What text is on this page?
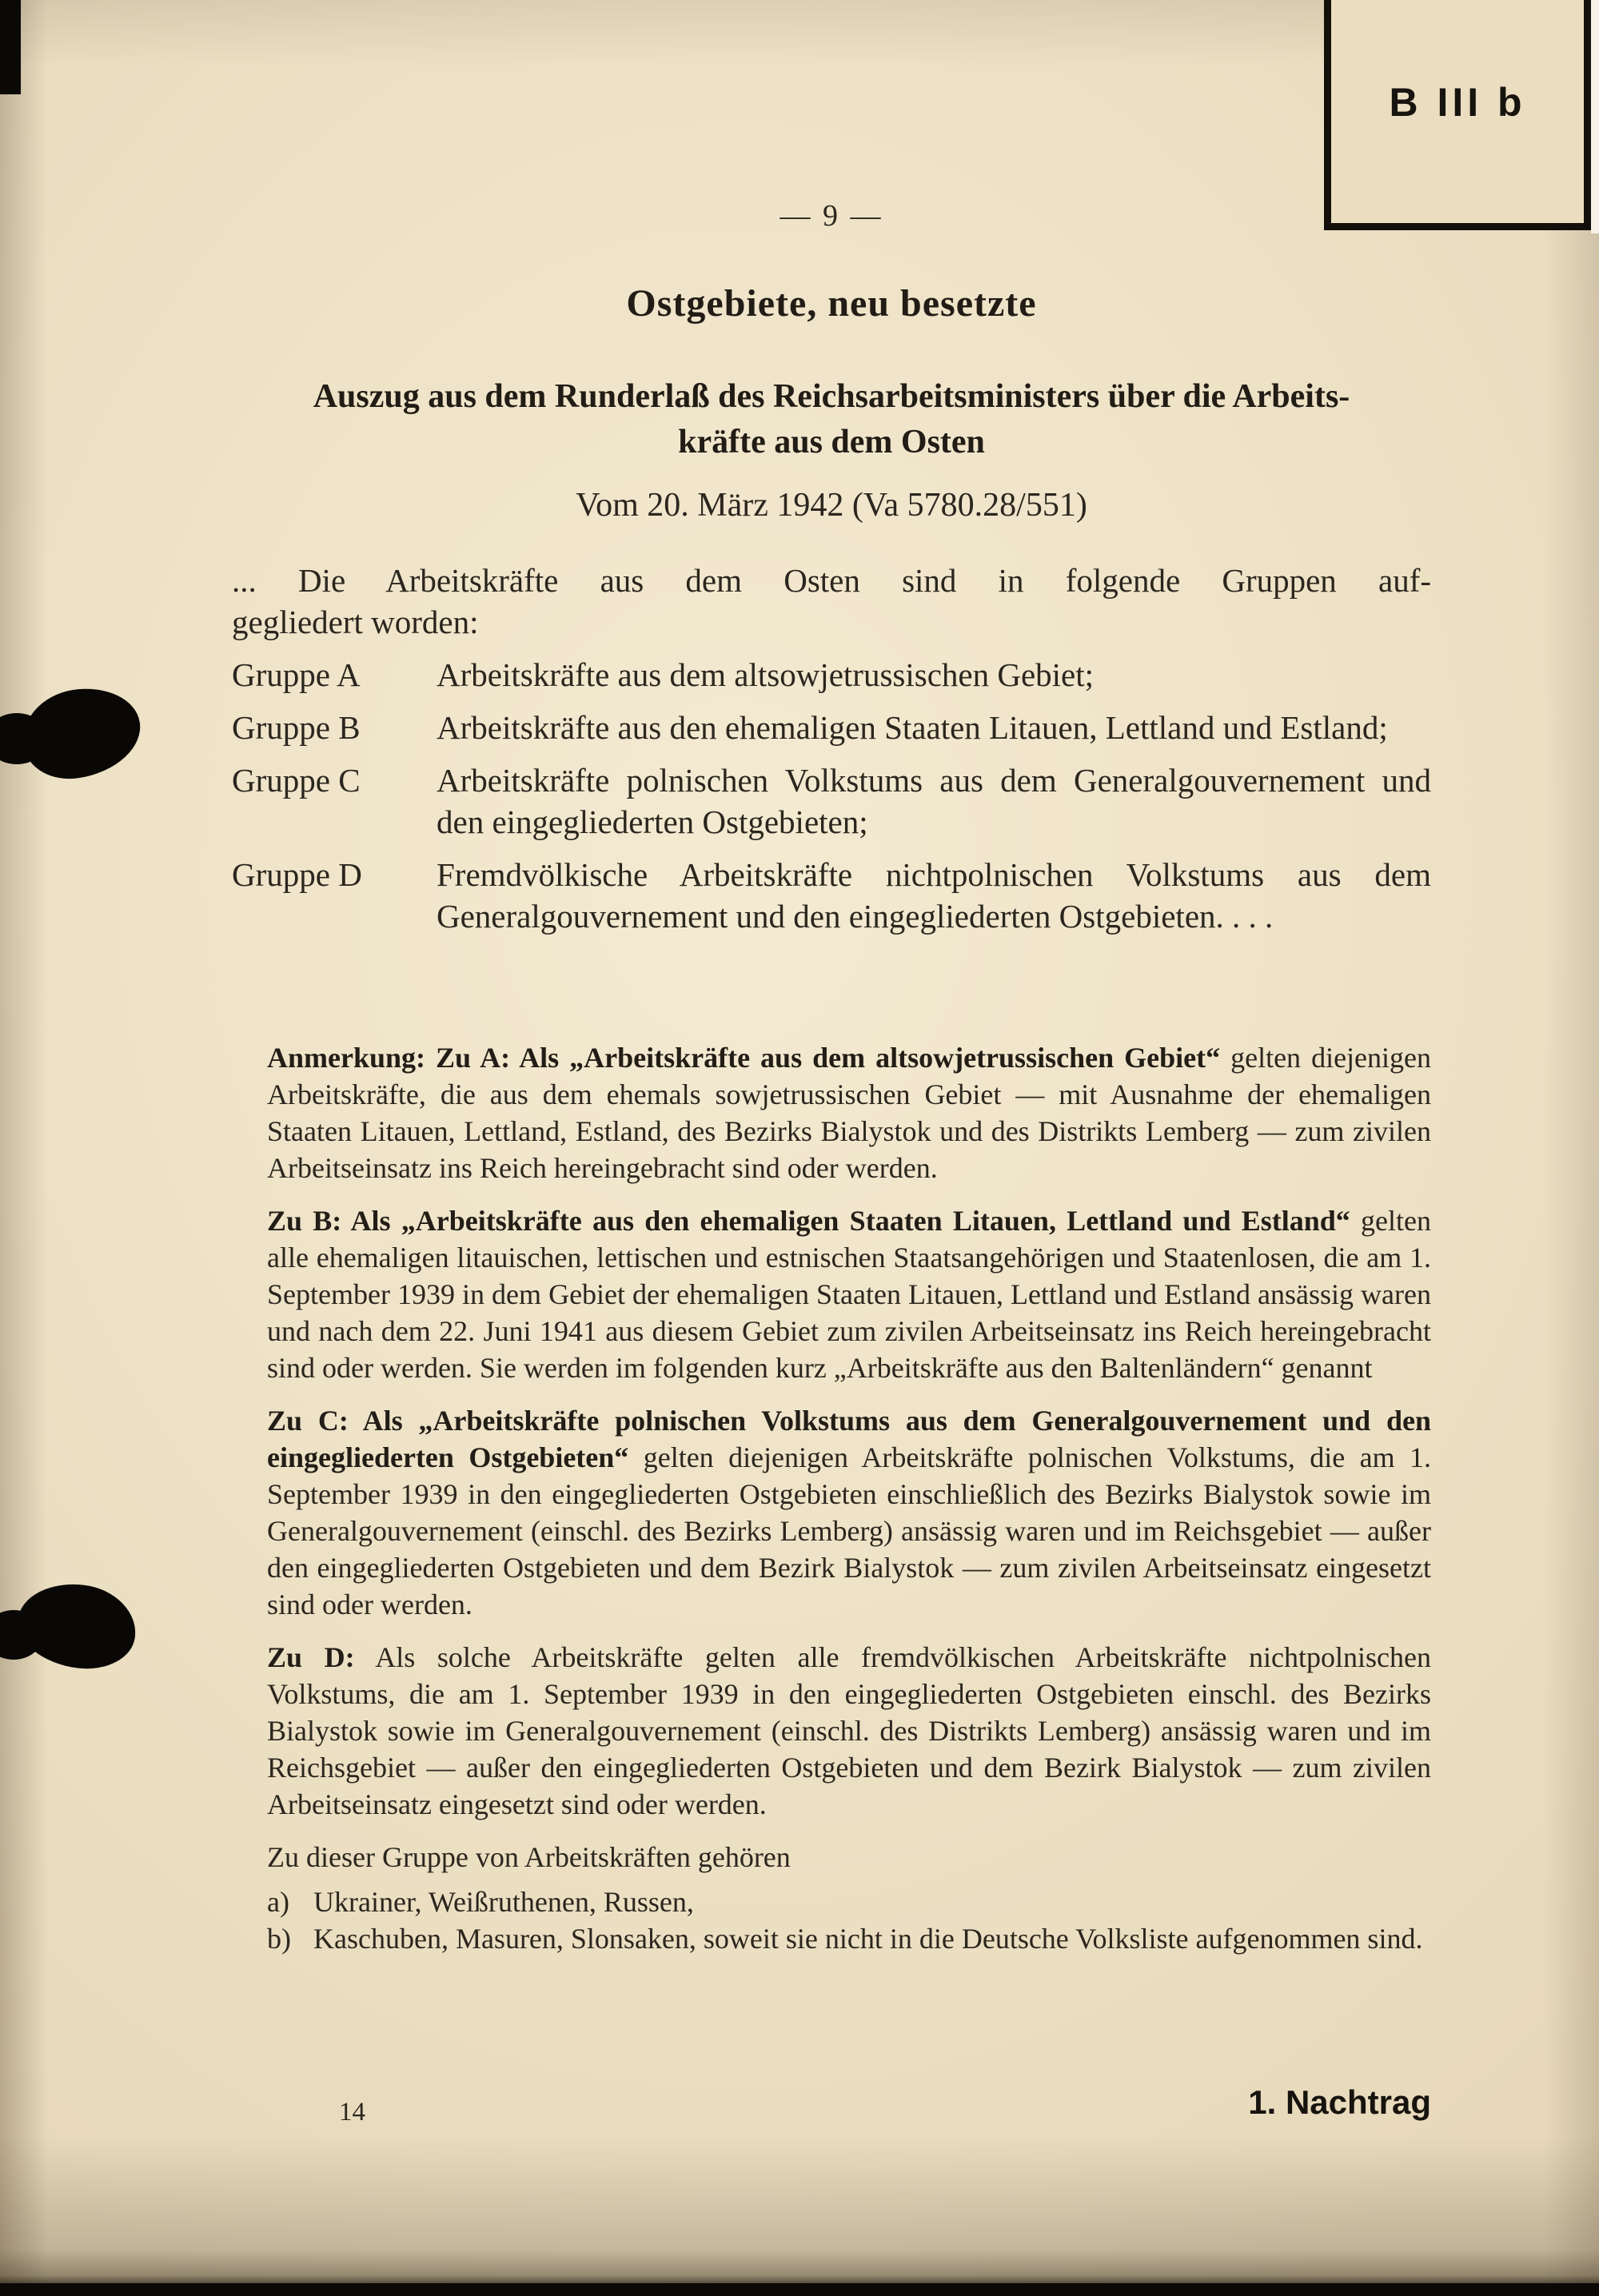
B III b
— 9 —
Ostgebiete, neu besetzte
Auszug aus dem Runderlaß des Reichsarbeitsministers über die Arbeits-
kräfte aus dem Osten
Vom 20. März 1942 (Va 5780.28/551)
... Die Arbeitskräfte aus dem Osten sind in folgende Gruppen auf-
gegliedert worden:
Gruppe A	Arbeitskräfte aus dem altsowjetrussischen Gebiet;
Gruppe B	Arbeitskräfte aus den ehemaligen Staaten Litauen, Lettland und Estland;
Gruppe C	Arbeitskräfte polnischen Volkstums aus dem Generalgouvernement und den eingegliederten Ostgebieten;
Gruppe D	Fremdvölkische Arbeitskräfte nichtpolnischen Volkstums aus dem Generalgouvernement und den eingegliederten Ostgebieten. . . .

Anmerkung: Zu A: Als „Arbeitskräfte aus dem altsowjetrussischen Gebiet“ gelten diejenigen Arbeitskräfte, die aus dem ehemals sowjetrussischen Gebiet — mit Ausnahme der ehemaligen Staaten Litauen, Lettland, Estland, des Bezirks Bialystok und des Distrikts Lemberg — zum zivilen Arbeitseinsatz ins Reich hereingebracht sind oder werden.

Zu B: Als „Arbeitskräfte aus den ehemaligen Staaten Litauen, Lettland und Estland“ gelten alle ehemaligen litauischen, lettischen und estnischen Staatsangehörigen und Staatenlosen, die am 1. September 1939 in dem Gebiet der ehemaligen Staaten Litauen, Lettland und Estland ansässig waren und nach dem 22. Juni 1941 aus diesem Gebiet zum zivilen Arbeitseinsatz ins Reich hereingebracht sind oder werden. Sie werden im folgenden kurz „Arbeitskräfte aus den Baltenländern“ genannt

Zu C: Als „Arbeitskräfte polnischen Volkstums aus dem Generalgouvernement und den eingegliederten Ostgebieten“ gelten diejenigen Arbeitskräfte polnischen Volkstums, die am 1. September 1939 in den eingegliederten Ostgebieten einschließlich des Bezirks Bialystok sowie im Generalgouvernement (einschl. des Bezirks Lemberg) ansässig waren und im Reichsgebiet — außer den eingegliederten Ostgebieten und dem Bezirk Bialystok — zum zivilen Arbeitseinsatz eingesetzt sind oder werden.

Zu D: Als solche Arbeitskräfte gelten alle fremdvölkischen Arbeitskräfte nichtpolnischen Volkstums, die am 1. September 1939 in den eingegliederten Ostgebieten einschl. des Bezirks Bialystok sowie im Generalgouvernement (einschl. des Distrikts Lemberg) ansässig waren und im Reichsgebiet — außer den eingegliederten Ostgebieten und dem Bezirk Bialystok — zum zivilen Arbeitseinsatz eingesetzt sind oder werden.

Zu dieser Gruppe von Arbeitskräften gehören

a) Ukrainer, Weißruthenen, Russen,
b) Kaschuben, Masuren, Slonsaken, soweit sie nicht in die Deutsche Volksliste aufgenommen sind.
14	1. Nachtrag
